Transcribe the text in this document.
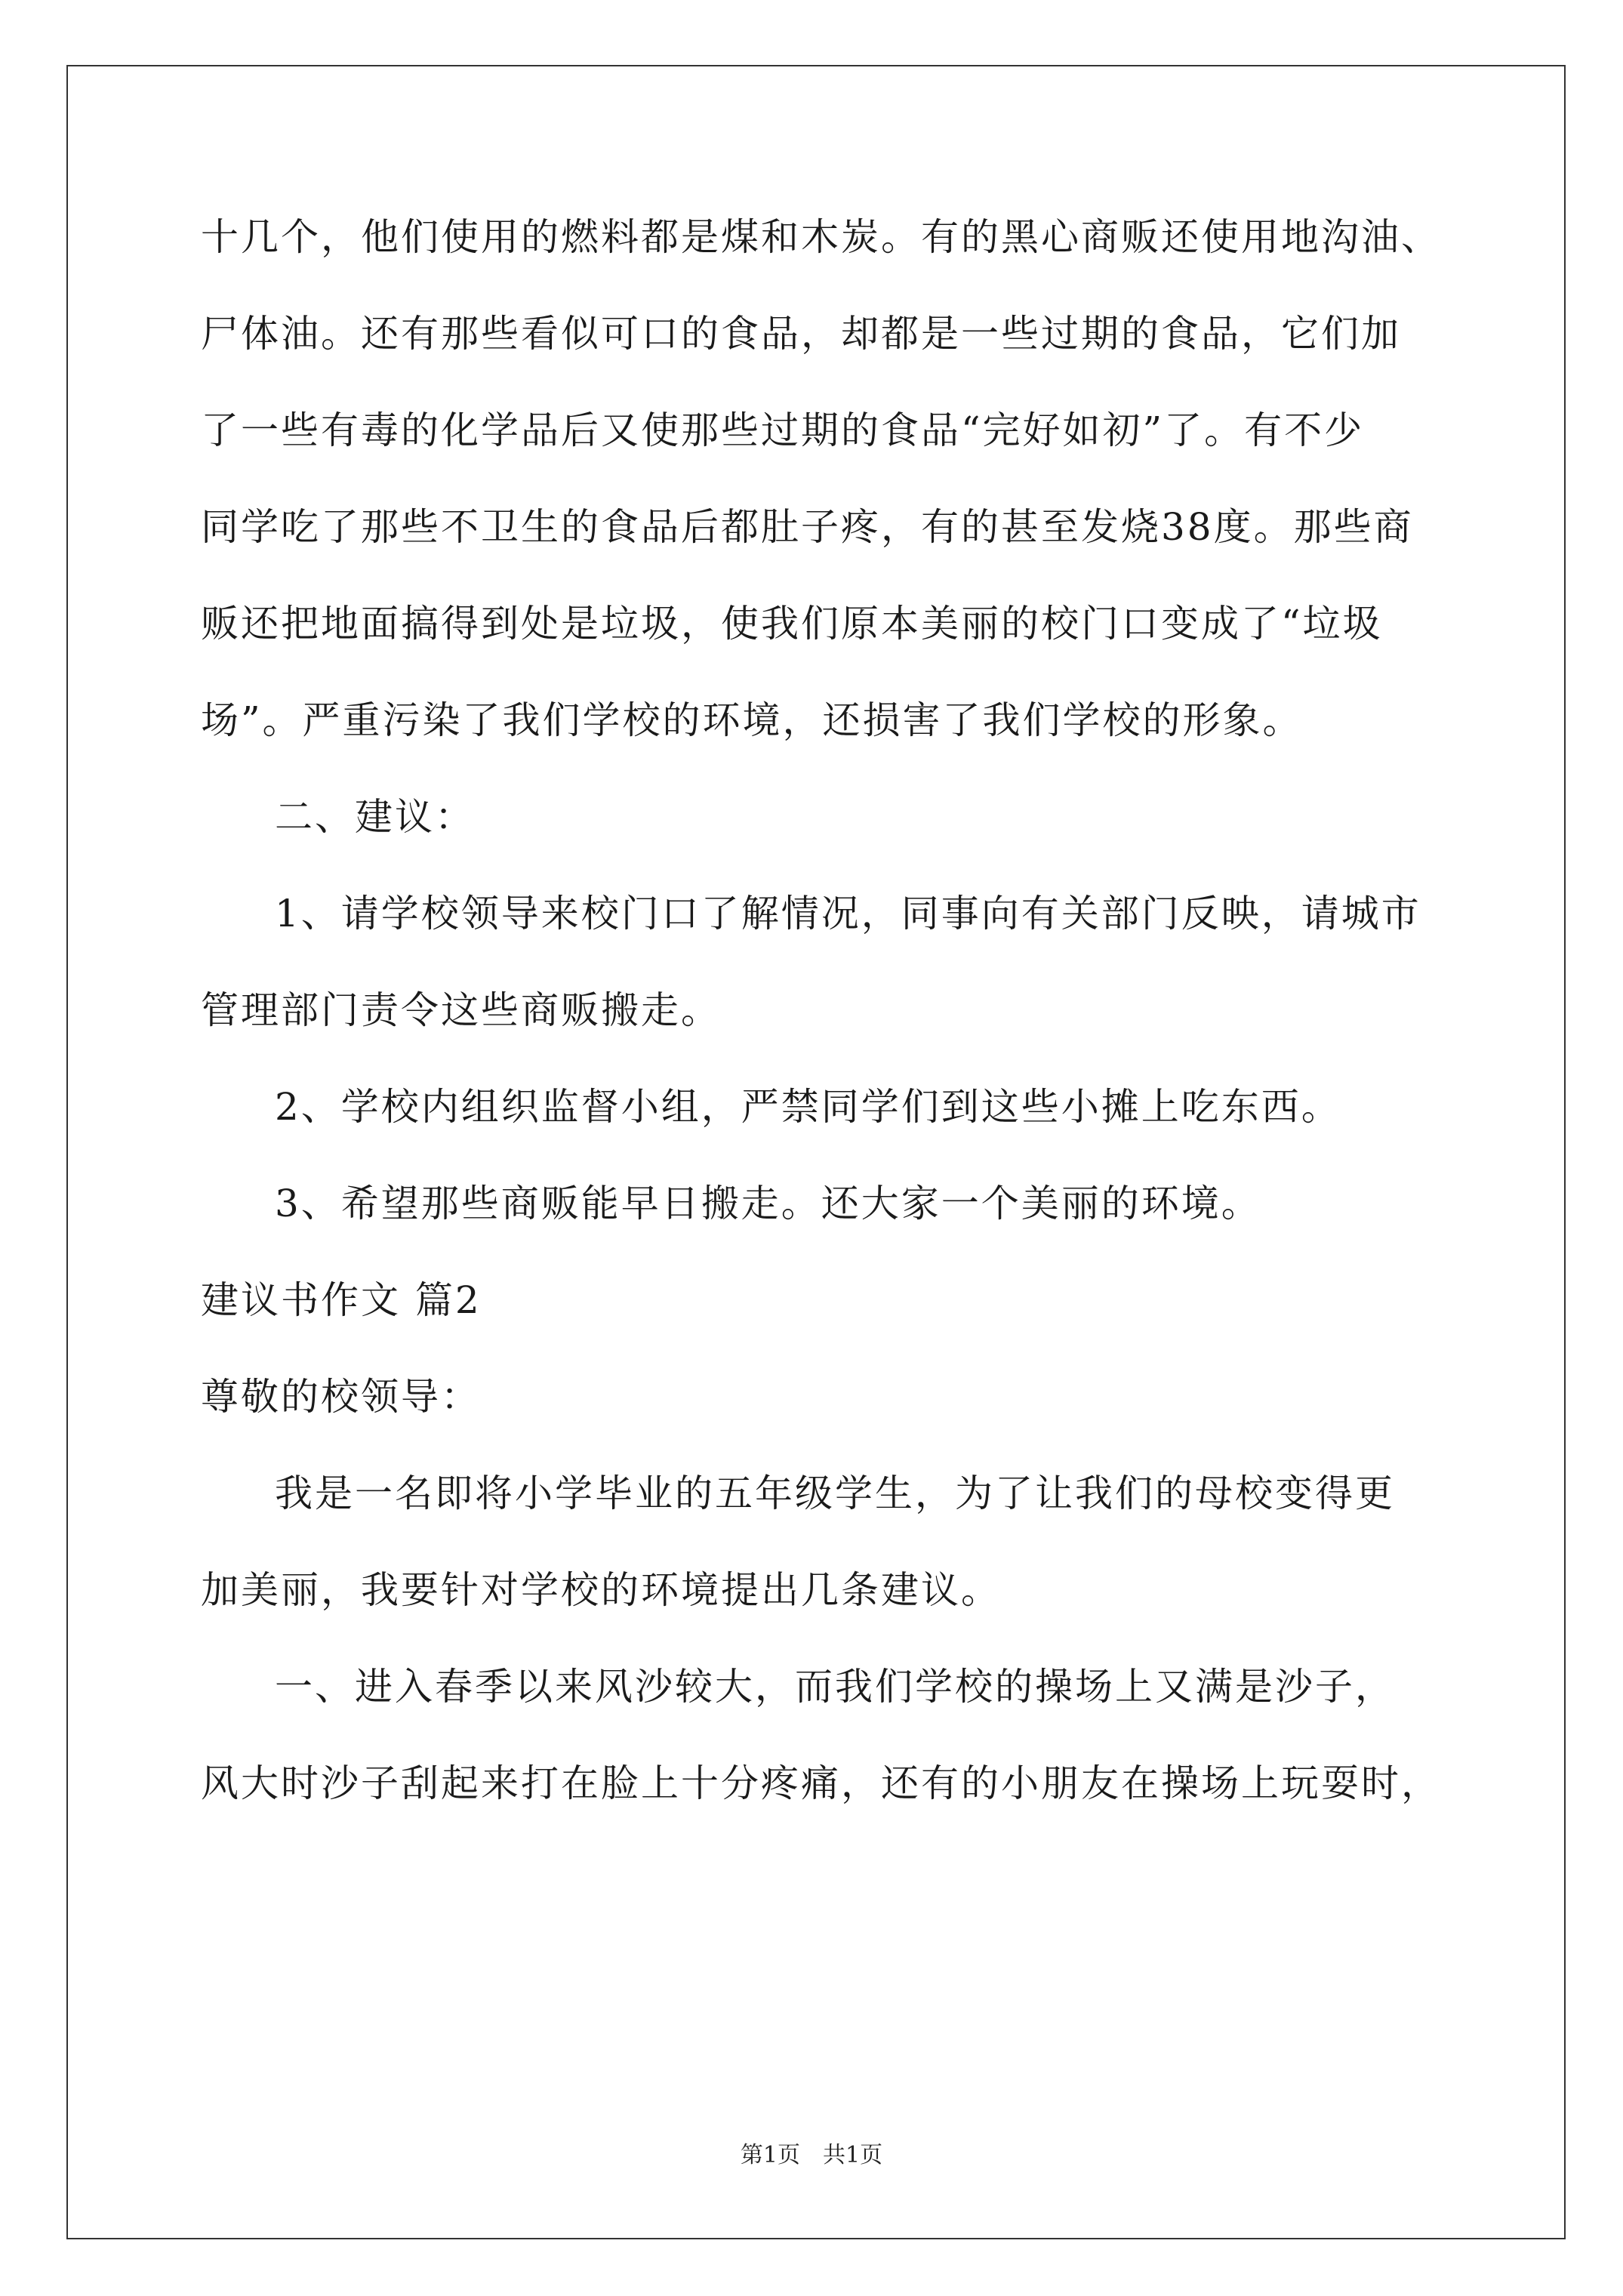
十几个，他们使用的燃料都是煤和木炭。有的黑心商贩还使用地沟油、
尸体油。还有那些看似可口的食品，却都是一些过期的食品，它们加
了一些有毒的化学品后又使那些过期的食品“完好如初”了。有不少
同学吃了那些不卫生的食品后都肚子疼，有的甚至发烧38度。那些商
贩还把地面搞得到处是垃圾，使我们原本美丽的校门口变成了“垃圾
场”。严重污染了我们学校的环境，还损害了我们学校的形象。
二、建议：
1、请学校领导来校门口了解情况，同事向有关部门反映，请城市
管理部门责令这些商贩搬走。
2、学校内组织监督小组，严禁同学们到这些小摊上吃东西。
3、希望那些商贩能早日搬走。还大家一个美丽的环境。
建议书作文 篇2
尊敬的校领导：
我是一名即将小学毕业的五年级学生，为了让我们的母校变得更
加美丽，我要针对学校的环境提出几条建议。
一、进入春季以来风沙较大，而我们学校的操场上又满是沙子，
风大时沙子刮起来打在脸上十分疼痛，还有的小朋友在操场上玩耍时，
第1页　共1页
